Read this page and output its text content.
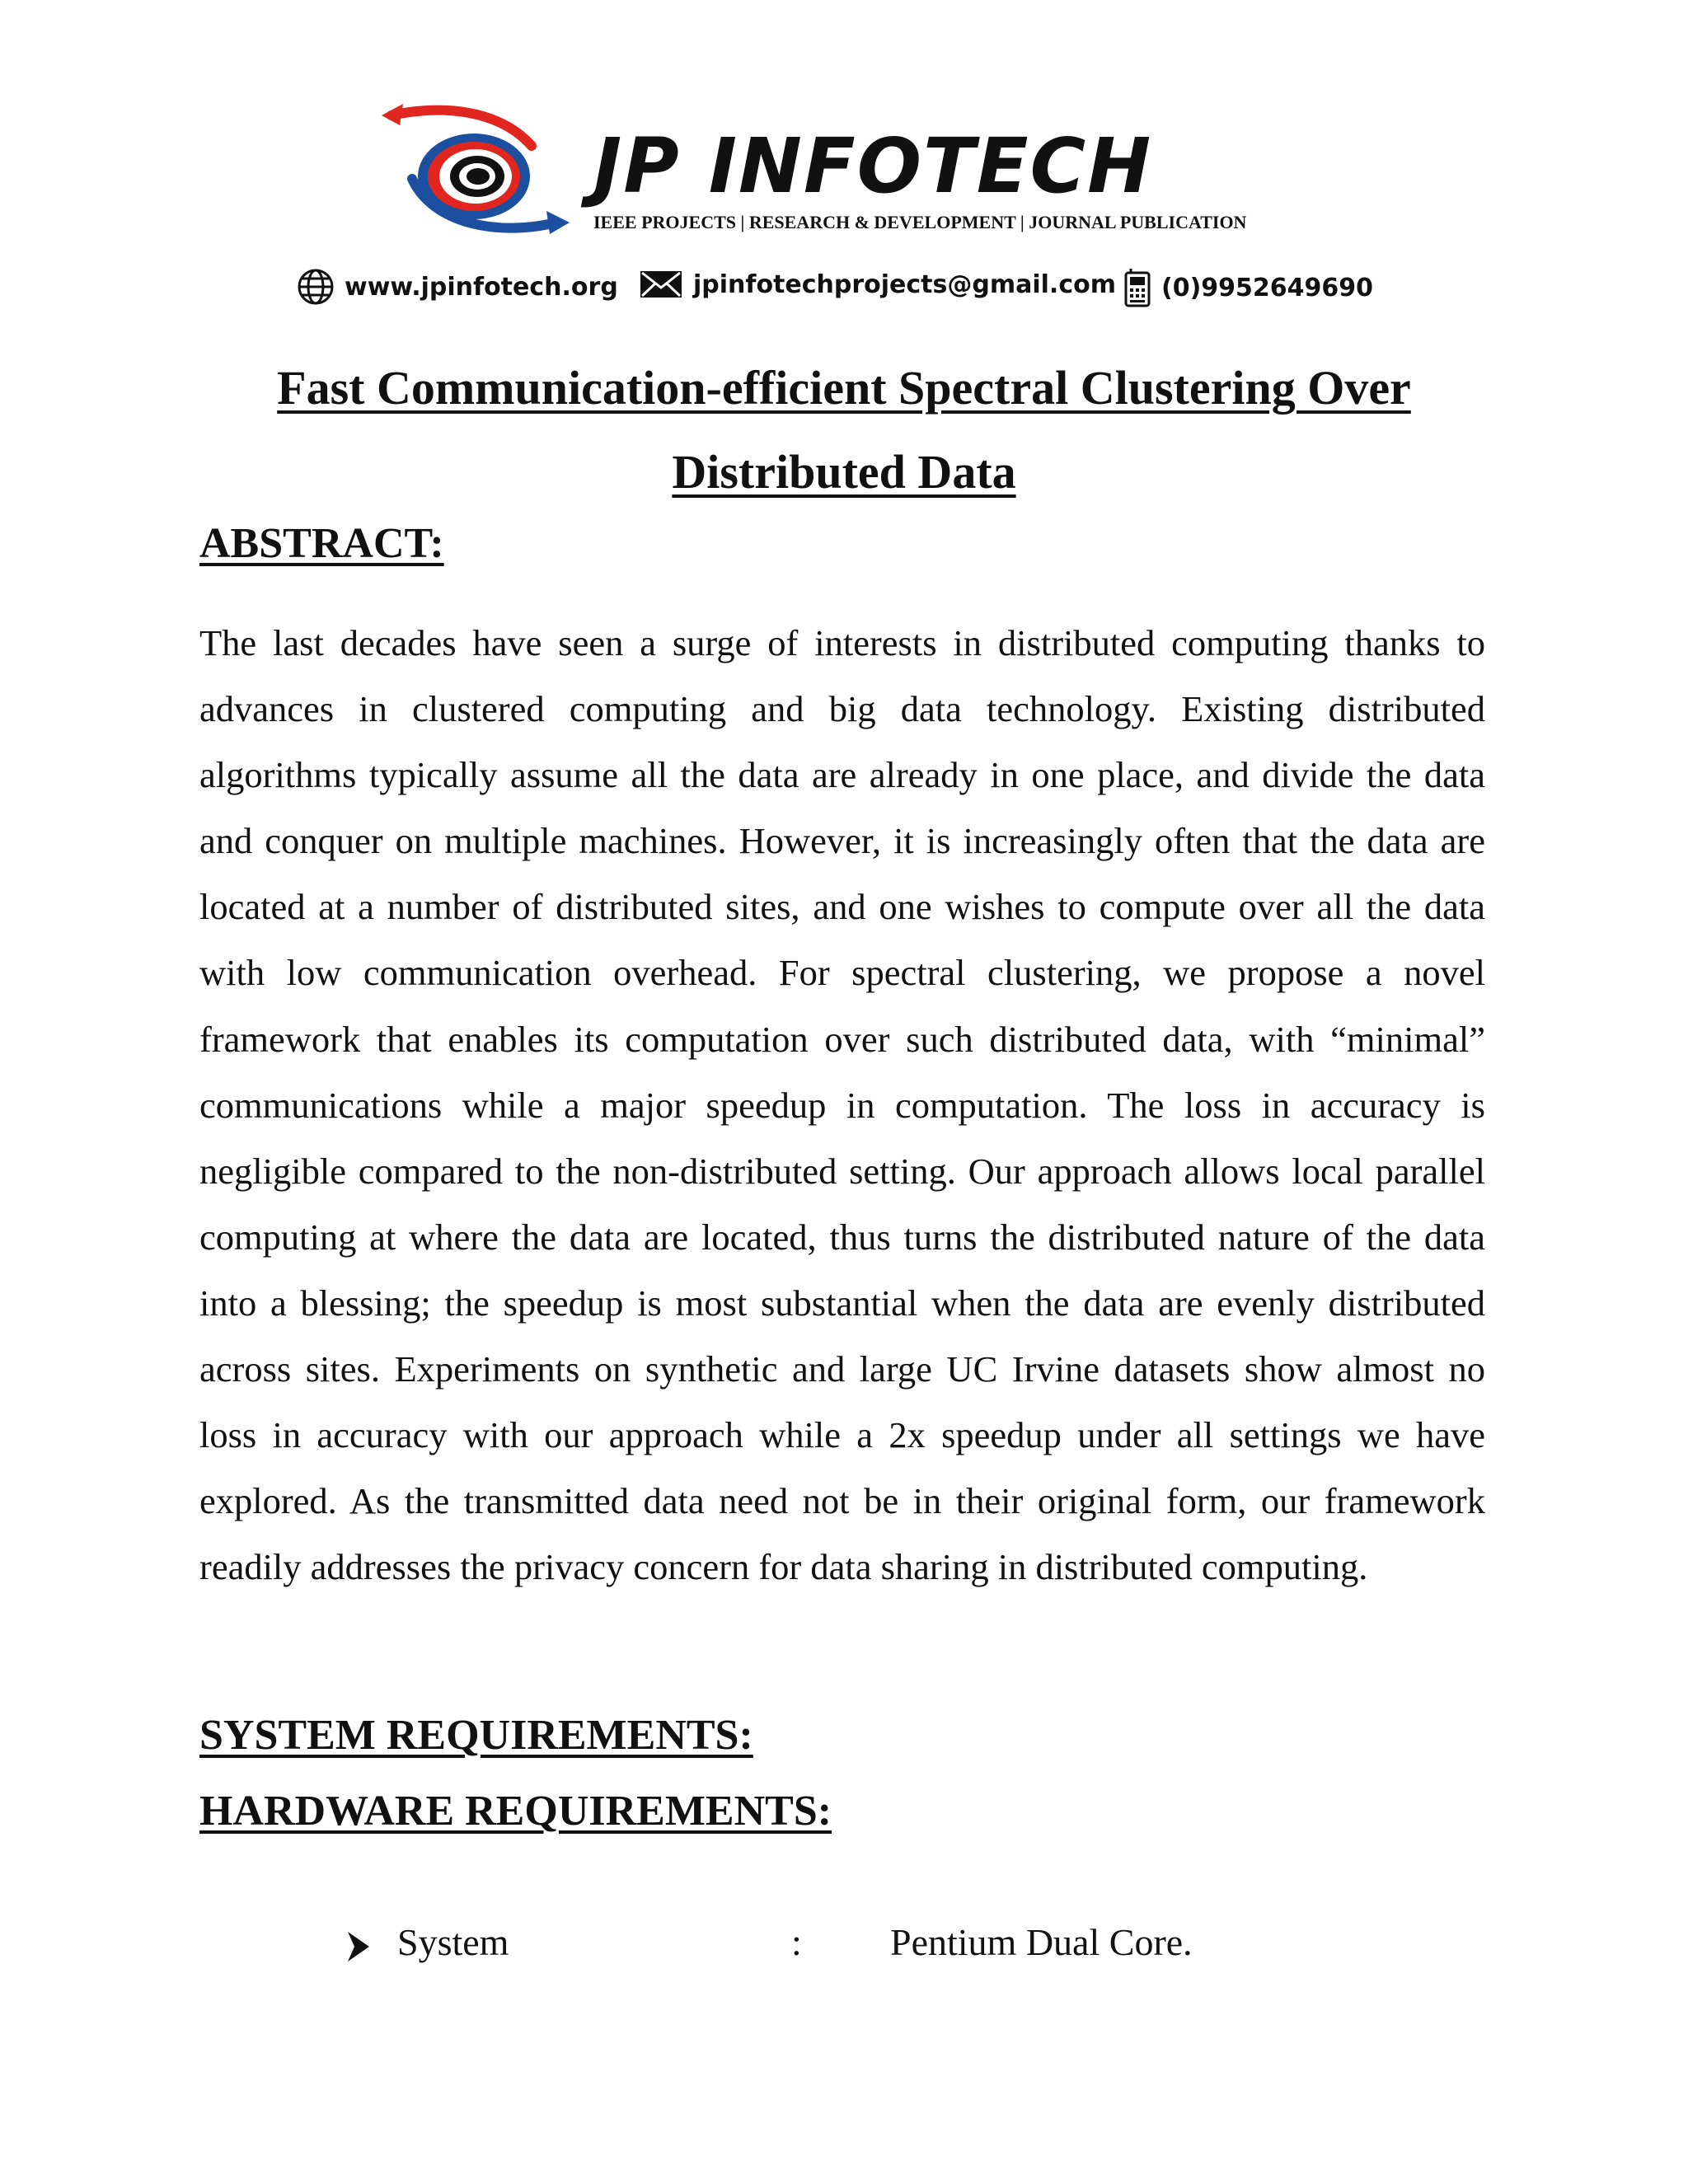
JP INFOTECH
IEEE PROJECTS | RESEARCH & DEVELOPMENT | JOURNAL PUBLICATION
www.jpinfotech.org	jpinfotechprojects@gmail.com (0)9952649690
Fast Communication-efficient Spectral Clustering Over
Distributed Data
ABSTRACT:

The last decades have seen a surge of interests in distributed computing thanks to advances in clustered computing and big data technology. Existing distributed algorithms typically assume all the data are already in one place, and divide the data and conquer on multiple machines. However, it is increasingly often that the data are located at a number of distributed sites, and one wishes to compute over all the data with low communication overhead. For spectral clustering, we propose a novel framework that enables its computation over such distributed data, with “minimal” communications while a major speedup in computation. The loss in accuracy is negligible compared to the non-distributed setting. Our approach allows local parallel computing at where the data are located, thus turns the distributed nature of the data into a blessing; the speedup is most substantial when the data are evenly distributed across sites. Experiments on synthetic and large UC Irvine datasets show almost no loss in accuracy with our approach while a 2x speedup under all settings we have explored. As the transmitted data need not be in their original form, our framework readily addresses the privacy concern for data sharing in distributed computing.

SYSTEM REQUIREMENTS:
HARDWARE REQUIREMENTS:
System	: Pentium Dual Core.
